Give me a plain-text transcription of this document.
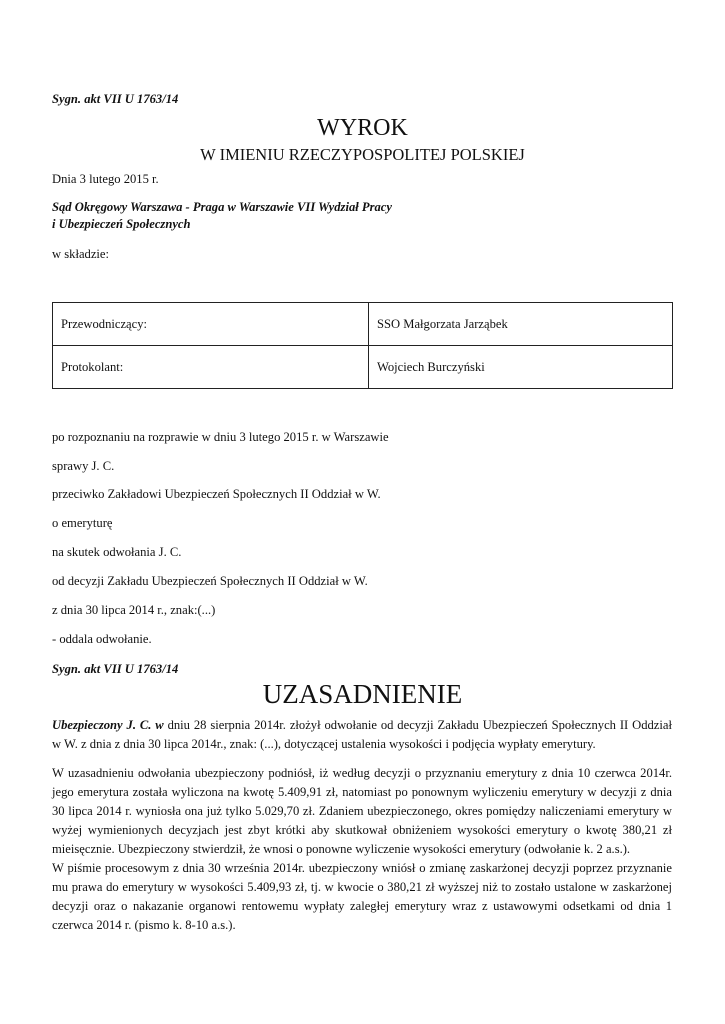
Sygn. akt VII U 1763/14
WYROK
W IMIENIU RZECZYPOSPOLITEJ POLSKIEJ
Dnia 3 lutego 2015 r.
Sąd Okręgowy Warszawa - Praga w Warszawie VII Wydział Pracy
i Ubezpieczeń Społecznych
w składzie:
Przewodniczący:	SSO Małgorzata Jarząbek
Protokolant:	Wojciech Burczyński
po rozpoznaniu na rozprawie w dniu 3 lutego 2015 r. w Warszawie
sprawy J. C.
przeciwko Zakładowi Ubezpieczeń Społecznych II Oddział w W.
o emeryturę
na skutek odwołania J. C.
od decyzji Zakładu Ubezpieczeń Społecznych II Oddział w W.
z dnia 30 lipca 2014 r., znak:(...)
- oddala odwołanie.
Sygn. akt VII U 1763/14
UZASADNIENIE
Ubezpieczony J. C. w dniu 28 sierpnia 2014r. złożył odwołanie od decyzji Zakładu Ubezpieczeń Społecznych II Oddział w W. z dnia z dnia 30 lipca 2014r., znak: (...), dotyczącej ustalenia wysokości i podjęcia wypłaty emerytury.
W uzasadnieniu odwołania ubezpieczony podniósł, iż według decyzji o przyznaniu emerytury z dnia 10 czerwca 2014r. jego emerytura została wyliczona na kwotę 5.409,91 zł, natomiast po ponownym wyliczeniu emerytury w decyzji z dnia 30 lipca 2014 r. wyniosła ona już tylko 5.029,70 zł. Zdaniem ubezpieczonego, okres pomiędzy naliczeniami emerytury w wyżej wymienionych decyzjach jest zbyt krótki aby skutkował obniżeniem wysokości emerytury o kwotę 380,21 zł mieisęcznie. Ubezpieczony stwierdził, że wnosi o ponowne wyliczenie wysokości emerytury (odwołanie k. 2 a.s.).
W piśmie procesowym z dnia 30 września 2014r. ubezpieczony wniósł o zmianę zaskarżonej decyzji poprzez przyznanie mu prawa do emerytury w wysokości 5.409,93 zł, tj. w kwocie o 380,21 zł wyższej niż to zostało ustalone w zaskarżonej decyzji oraz o nakazanie organowi rentowemu wypłaty zaległej emerytury wraz z ustawowymi odsetkami od dnia 1 czerwca 2014 r. (pismo k. 8-10 a.s.).
